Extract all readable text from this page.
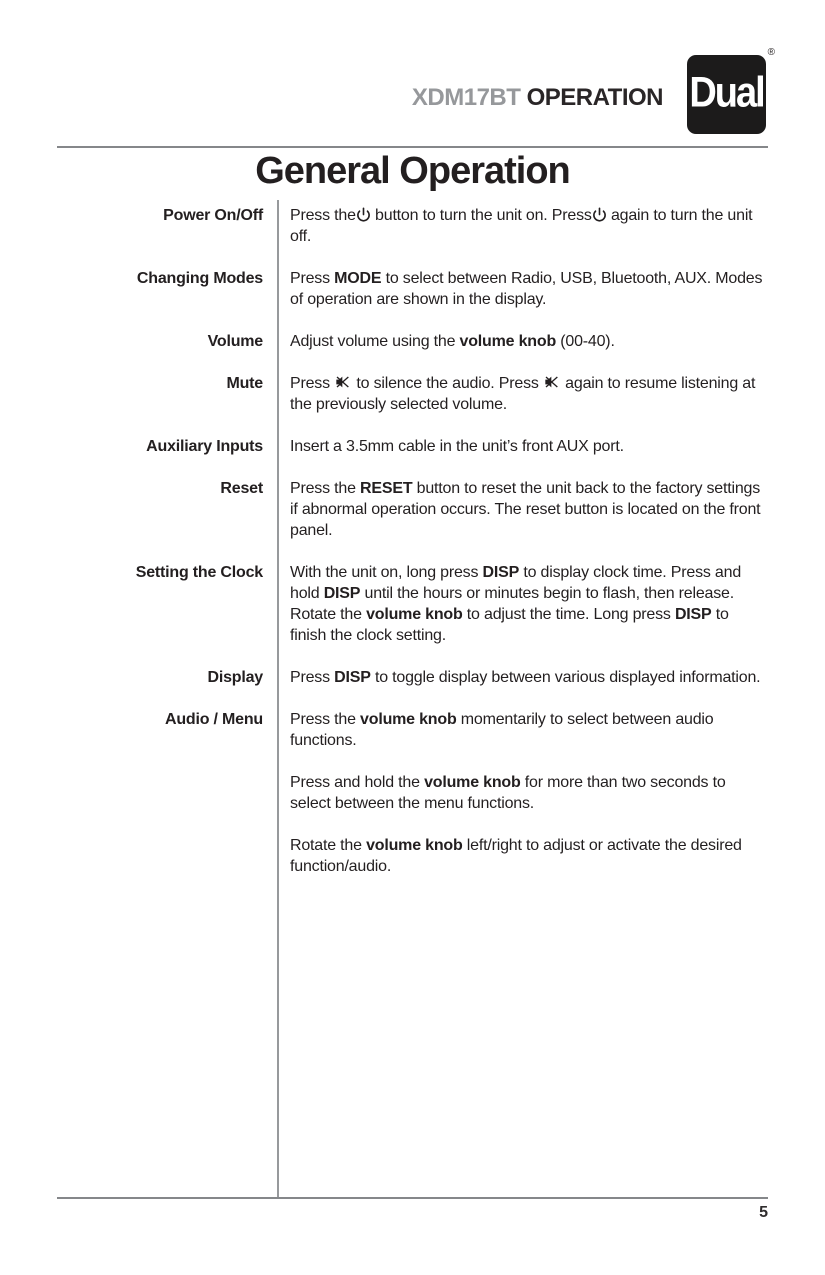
XDM17BT OPERATION Dual
®
General Operation
Power On/Off	Press the button to turn the unit on. Press again to turn the unit off.

Changing Modes	Press MODE to select between Radio, USB, Bluetooth, AUX. Modes of operation are shown in the display.

Volume	Adjust volume using the volume knob (00-40).

Mute	Press  to silence the audio. Press  again to resume listening at the previously selected volume.

Auxiliary Inputs	Insert a 3.5mm cable in the unit’s front AUX port.

Reset	Press the RESET button to reset the unit back to the factory settings if abnormal operation occurs. The reset button is located on the front panel.

Setting the Clock	With the unit on, long press DISP to display clock time. Press and hold DISP until the hours or minutes begin to flash, then release. Rotate the volume knob to adjust the time. Long press DISP to finish the clock setting.

Display	Press DISP to toggle display between various displayed information.

Audio / Menu	Press the volume knob momentarily to select between audio functions.

Press and hold the volume knob for more than two seconds to select between the menu functions.

Rotate the volume knob left/right to adjust or activate the desired function/audio.

5
